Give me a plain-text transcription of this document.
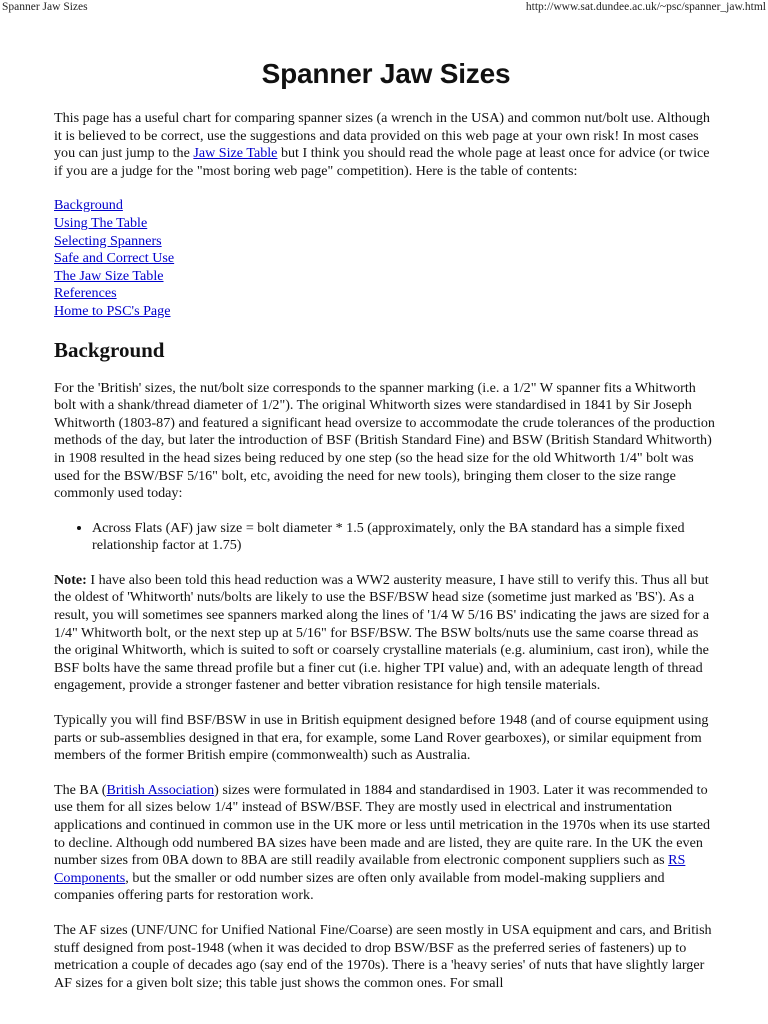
Spanner Jaw Sizes	http://www.sat.dundee.ac.uk/~psc/spanner_jaw.html
Spanner Jaw Sizes

This page has a useful chart for comparing spanner sizes (a wrench in the USA) and common nut/bolt use. Although it is believed to be correct, use the suggestions and data provided on this web page at your own risk! In most cases you can just jump to the Jaw Size Table but I think you should read the whole page at least once for advice (or twice if you are a judge for the "most boring web page" competition). Here is the table of contents:

Background
Using The Table
Selecting Spanners
Safe and Correct Use
The Jaw Size Table
References
Home to PSC's Page
Background

For the 'British' sizes, the nut/bolt size corresponds to the spanner marking (i.e. a 1/2" W spanner fits a Whitworth bolt with a shank/thread diameter of 1/2"). The original Whitworth sizes were standardised in 1841 by Sir Joseph Whitworth (1803-87) and featured a significant head oversize to accommodate the crude tolerances of the production methods of the day, but later the introduction of BSF (British Standard Fine) and BSW (British Standard Whitworth) in 1908 resulted in the head sizes being reduced by one step (so the head size for the old Whitworth 1/4" bolt was used for the BSW/BSF 5/16" bolt, etc, avoiding the need for new tools), bringing them closer to the size range commonly used today:

• Across Flats (AF) jaw size = bolt diameter * 1.5 (approximately, only the BA standard has a simple fixed relationship factor at 1.75)

Note: I have also been told this head reduction was a WW2 austerity measure, I have still to verify this. Thus all but the oldest of 'Whitworth' nuts/bolts are likely to use the BSF/BSW head size (sometime just marked as 'BS'). As a result, you will sometimes see spanners marked along the lines of '1/4 W 5/16 BS' indicating the jaws are sized for a 1/4" Whitworth bolt, or the next step up at 5/16" for BSF/BSW. The BSW bolts/nuts use the same coarse thread as the original Whitworth, which is suited to soft or coarsely crystalline materials (e.g. aluminium, cast iron), while the BSF bolts have the same thread profile but a finer cut (i.e. higher TPI value) and, with an adequate length of thread engagement, provide a stronger fastener and better vibration resistance for high tensile materials.

Typically you will find BSF/BSW in use in British equipment designed before 1948 (and of course equipment using parts or sub-assemblies designed in that era, for example, some Land Rover gearboxes), or similar equipment from members of the former British empire (commonwealth) such as Australia.

The BA (British Association) sizes were formulated in 1884 and standardised in 1903. Later it was recommended to use them for all sizes below 1/4" instead of BSW/BSF. They are mostly used in electrical and instrumentation applications and continued in common use in the UK more or less until metrication in the 1970s when its use started to decline. Although odd numbered BA sizes have been made and are listed, they are quite rare. In the UK the even number sizes from 0BA down to 8BA are still readily available from electronic component suppliers such as RS Components, but the smaller or odd number sizes are often only available from model-making suppliers and companies offering parts for restoration work.

The AF sizes (UNF/UNC for Unified National Fine/Coarse) are seen mostly in USA equipment and cars, and British stuff designed from post-1948 (when it was decided to drop BSW/BSF as the preferred series of fasteners) up to metrication a couple of decades ago (say end of the 1970s). There is a 'heavy series' of nuts that have slightly larger AF sizes for a given bolt size; this table just shows the common ones. For small
